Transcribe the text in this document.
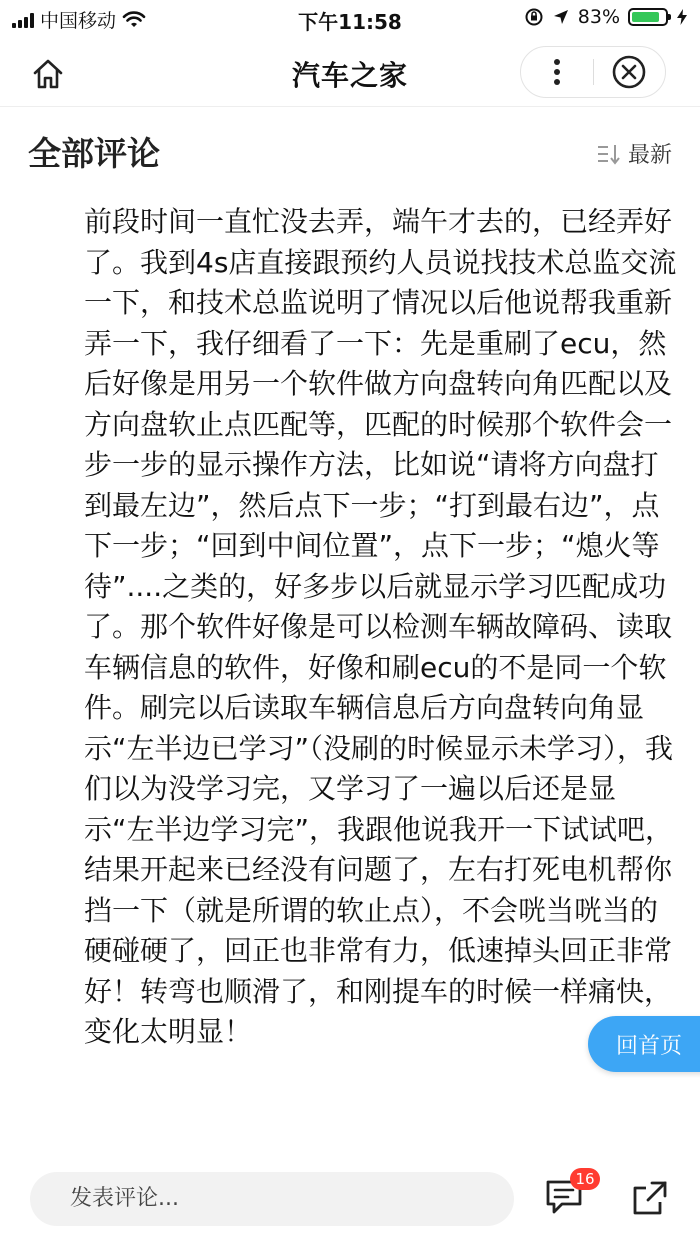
中国移动	下午11:58	83%
汽车之家
全部评论	最新
前段时间一直忙没去弄，端午才去的，已经弄好了。我到4s店直接跟预约人员说找技术总监交流一下，和技术总监说明了情况以后他说帮我重新弄一下，我仔细看了一下：先是重刷了ecu，然后好像是用另一个软件做方向盘转向角匹配以及方向盘软止点匹配等，匹配的时候那个软件会一步一步的显示操作方法，比如说“请将方向盘打到最左边”，然后点下一步；“打到最右边”，点下一步；“回到中间位置”，点下一步；“熄火等待”....之类的，好多步以后就显示学习匹配成功了。那个软件好像是可以检测车辆故障码、读取车辆信息的软件，好像和刷ecu的不是同一个软件。刷完以后读取车辆信息后方向盘转向角显示“左半边已学习”（没刷的时候显示未学习），我们以为没学习完，又学习了一遍以后还是显示“左半边学习完”，我跟他说我开一下试试吧，结果开起来已经没有问题了，左右打死电机帮你挡一下（就是所谓的软止点），不会咣当咣当的硬碰硬了，回正也非常有力，低速掉头回正非常好！转弯也顺滑了，和刚提车的时候一样痛快，变化太明显！	回首页
发表评论...
16
